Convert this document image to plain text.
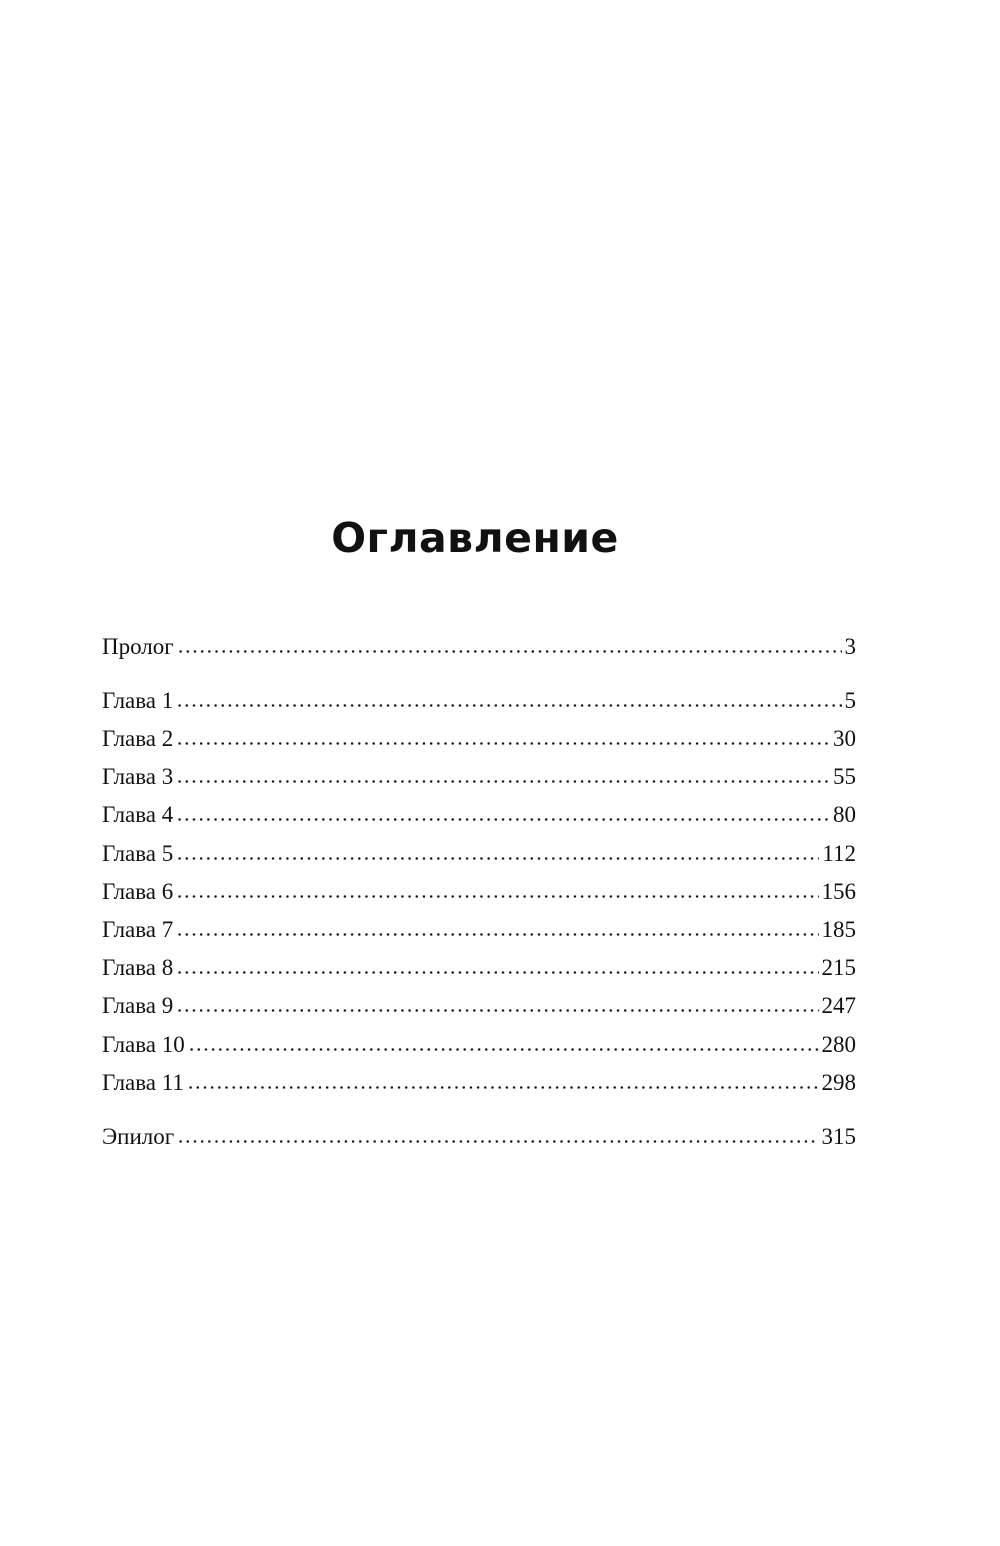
Оглавление
Пролог	3
Глава 1	5
Глава 2	30
Глава 3	55
Глава 4	80
Глава 5	112
Глава 6	156
Глава 7	185
Глава 8	215
Глава 9	247
Глава 10	280
Глава 11	298
Эпилог	315
